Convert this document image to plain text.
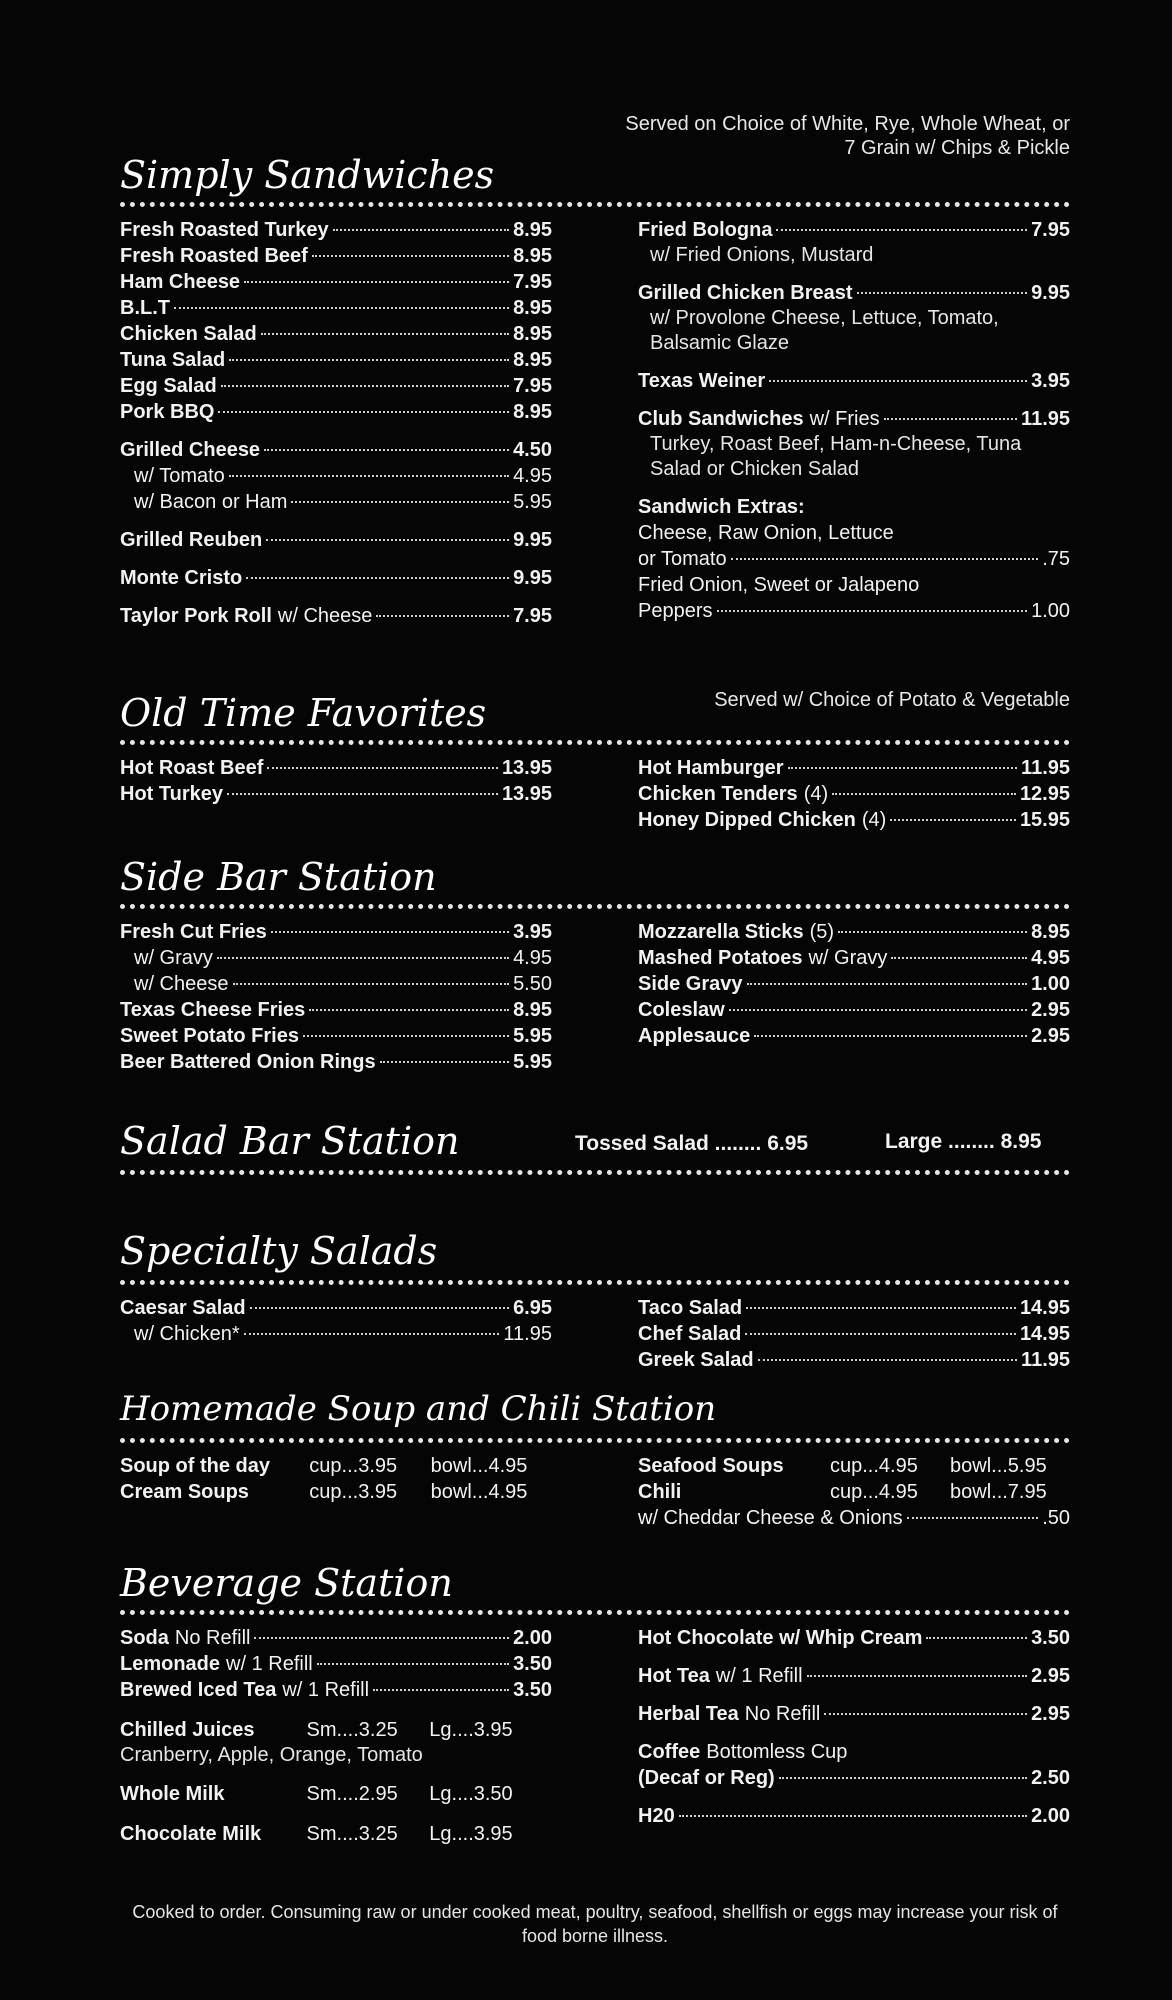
Served on Choice of White, Rye, Whole Wheat, or 7 Grain w/ Chips & Pickle
Simply Sandwiches
Fresh Roasted Turkey	8.95
Fresh Roasted Beef	8.95
Ham Cheese	7.95
B.L.T	8.95
Chicken Salad	8.95
Tuna Salad	8.95
Egg Salad	7.95
Pork BBQ	8.95
Grilled Cheese	4.50
w/ Tomato	4.95
w/ Bacon or Ham	5.95
Grilled Reuben	9.95
Monte Cristo	9.95
Taylor Pork Roll w/ Cheese	7.95
Fried Bologna	7.95
w/ Fried Onions, Mustard
Grilled Chicken Breast	9.95
w/ Provolone Cheese, Lettuce, Tomato, Balsamic Glaze
Texas Weiner	3.95
Club Sandwiches w/ Fries	11.95
Turkey, Roast Beef, Ham-n-Cheese, Tuna Salad or Chicken Salad
Sandwich Extras:
Cheese, Raw Onion, Lettuce
or Tomato	.75
Fried Onion, Sweet or Jalapeno
Peppers	1.00
Served w/ Choice of Potato & Vegetable
Old Time Favorites
Hot Roast Beef	13.95
Hot Turkey	13.95
Hot Hamburger	11.95
Chicken Tenders (4)	12.95
Honey Dipped Chicken (4)	15.95
Side Bar Station
Fresh Cut Fries	3.95
w/ Gravy	4.95
w/ Cheese	5.50
Texas Cheese Fries	8.95
Sweet Potato Fries	5.95
Beer Battered Onion Rings	5.95
Mozzarella Sticks (5)	8.95
Mashed Potatoes w/ Gravy	4.95
Side Gravy	1.00
Coleslaw	2.95
Applesauce	2.95
Salad Bar Station	Tossed Salad ........ 6.95	Large ........ 8.95
Specialty Salads
Caesar Salad	6.95
w/ Chicken*	11.95
Taco Salad	14.95
Chef Salad	14.95
Greek Salad	11.95
Homemade Soup and Chili Station
Soup of the day	cup...3.95	bowl...4.95
Cream Soups	cup...3.95	bowl...4.95
Seafood Soups	cup...4.95	bowl...5.95
Chili	cup...4.95	bowl...7.95
w/ Cheddar Cheese & Onions	.50
Beverage Station
Soda No Refill	2.00
Lemonade w/ 1 Refill	3.50
Brewed Iced Tea w/ 1 Refill	3.50
Chilled Juices	Sm....3.25	Lg....3.95
Cranberry, Apple, Orange, Tomato
Whole Milk	Sm....2.95	Lg....3.50
Chocolate Milk	Sm....3.25	Lg....3.95
Hot Chocolate w/ Whip Cream	3.50
Hot Tea w/ 1 Refill	2.95
Herbal Tea No Refill	2.95
Coffee Bottomless Cup
(Decaf or Reg)	2.50
H20	2.00
Cooked to order. Consuming raw or under cooked meat, poultry, seafood, shellfish or eggs may increase your risk of food borne illness.
